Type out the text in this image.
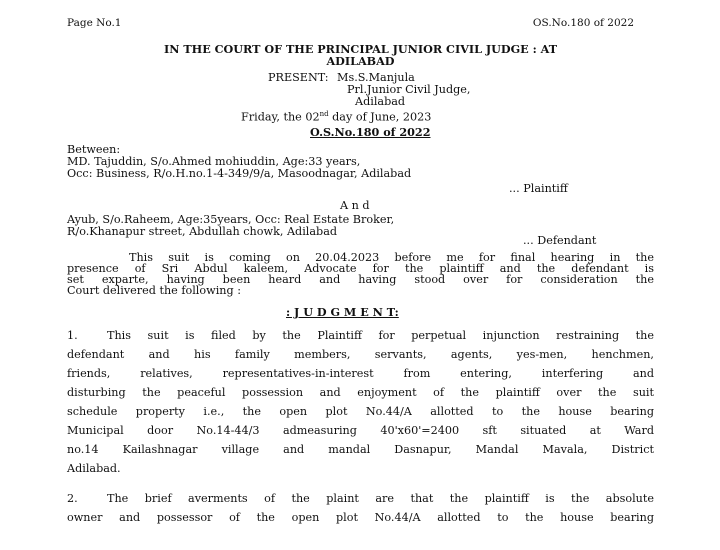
Page No.1	OS.No.180 of 2022
IN THE COURT OF THE PRINCIPAL JUNIOR CIVIL JUDGE : AT
ADILABAD
PRESENT: Ms.S.Manjula
Prl.Junior Civil Judge,
Adilabad
Friday, the 02nd day of June, 2023
O.S.No.180 of 2022
Between:
MD. Tajuddin, S/o.Ahmed mohiuddin, Age:33 years,
Occ: Business, R/o.H.no.1-4-349/9/a, Masoodnagar, Adilabad
... Plaintiff
A n d
Ayub, S/o.Raheem, Age:35years, Occ: Real Estate Broker,
R/o.Khanapur street, Abdullah chowk, Adilabad
... Defendant
This suit is coming on 20.04.2023 before me for final hearing in the
presence of Sri Abdul kaleem, Advocate for the plaintiff and the defendant is
set exparte, having been heard and having stood over for consideration the
Court delivered the following :
: J U D G M E N T:
1.	This suit is filed by the Plaintiff for perpetual injunction restraining the
defendant and his family members, servants, agents, yes-men, henchmen,
friends, relatives, representatives-in-interest from entering, interfering and
disturbing the peaceful possession and enjoyment of the plaintiff over the suit
schedule property i.e., the open plot No.44/A allotted to the house bearing
Municipal door No.14-44/3 admeasuring 40'x60'=2400 sft situated at Ward
no.14 Kailashnagar village and mandal Dasnapur, Mandal Mavala, District
Adilabad.
2.	The brief averments of the plaint are that the plaintiff is the absolute
owner and possessor of the open plot No.44/A allotted to the house bearing
